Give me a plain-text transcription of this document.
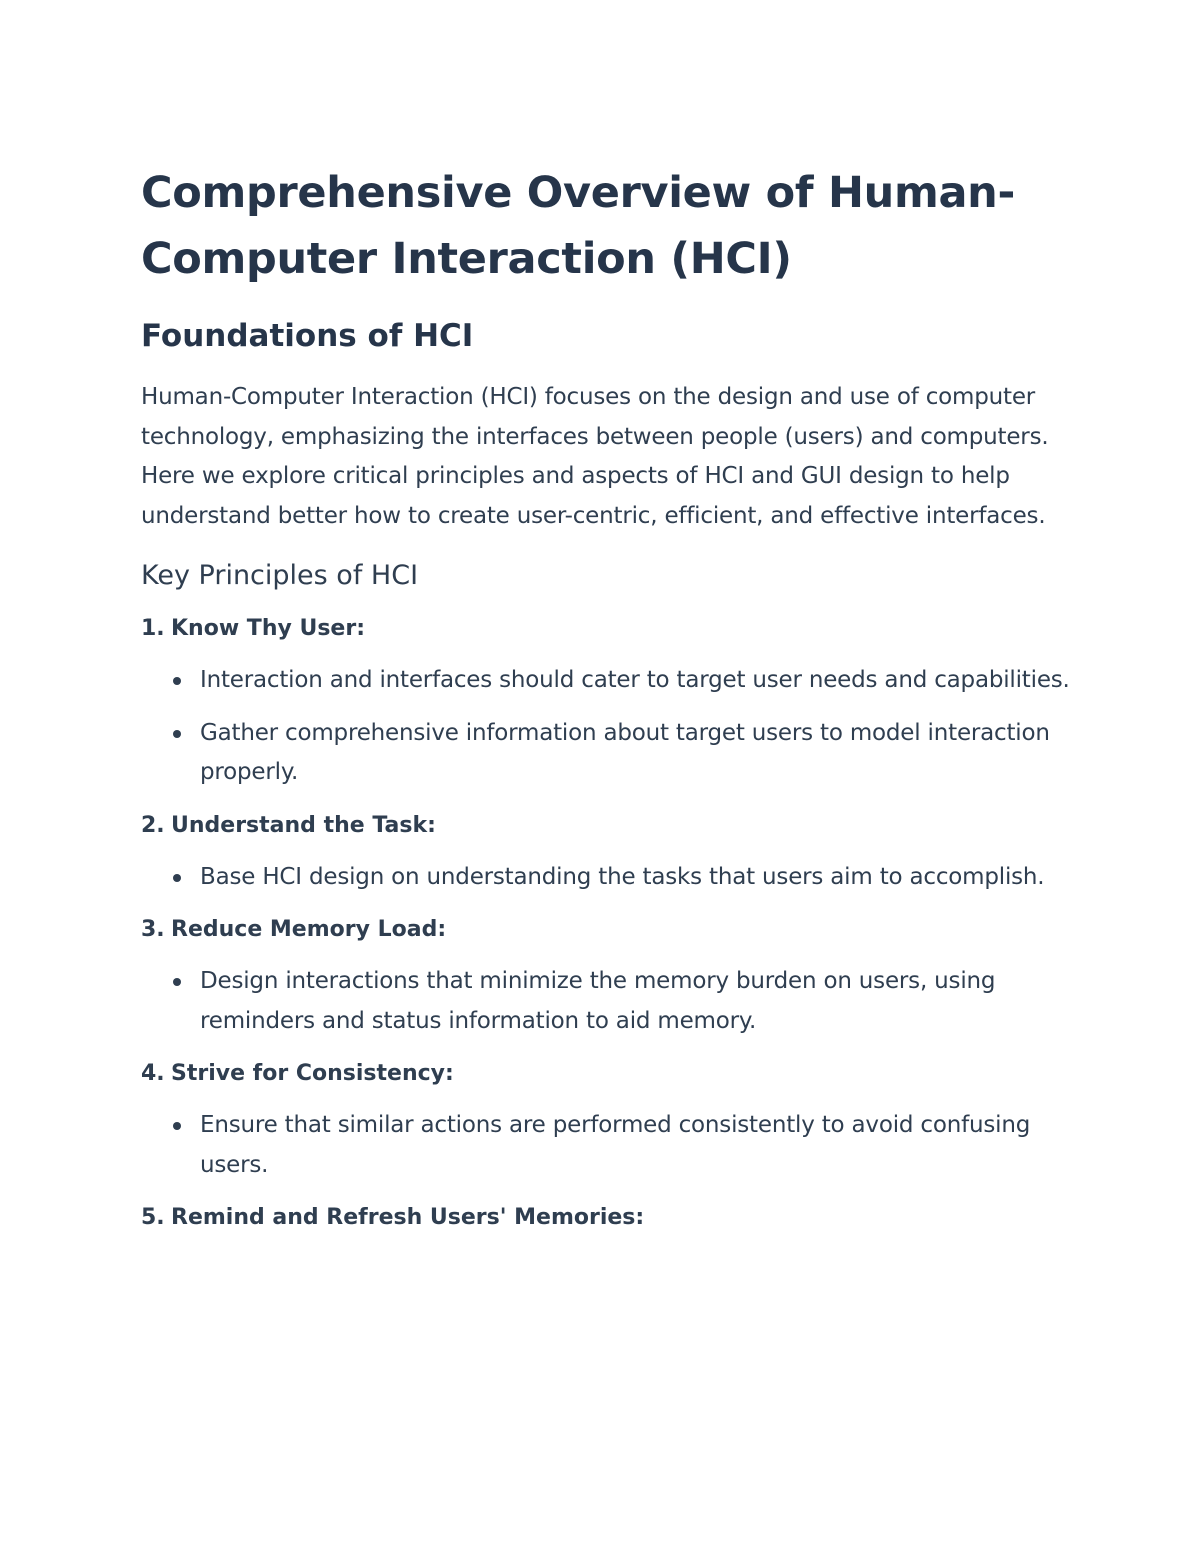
Comprehensive Overview of Human-Computer Interaction (HCI)
Foundations of HCI

Human-Computer Interaction (HCI) focuses on the design and use of computer technology, emphasizing the interfaces between people (users) and computers. Here we explore critical principles and aspects of HCI and GUI design to help understand better how to create user-centric, efficient, and effective interfaces.

Key Principles of HCI
1. Know Thy User:
Interaction and interfaces should cater to target user needs and capabilities.
Gather comprehensive information about target users to model interaction properly.
2. Understand the Task:
Base HCI design on understanding the tasks that users aim to accomplish.
3. Reduce Memory Load:
Design interactions that minimize the memory burden on users, using reminders and status information to aid memory.
4. Strive for Consistency:
Ensure that similar actions are performed consistently to avoid confusing users.
5. Remind and Refresh Users' Memories:
